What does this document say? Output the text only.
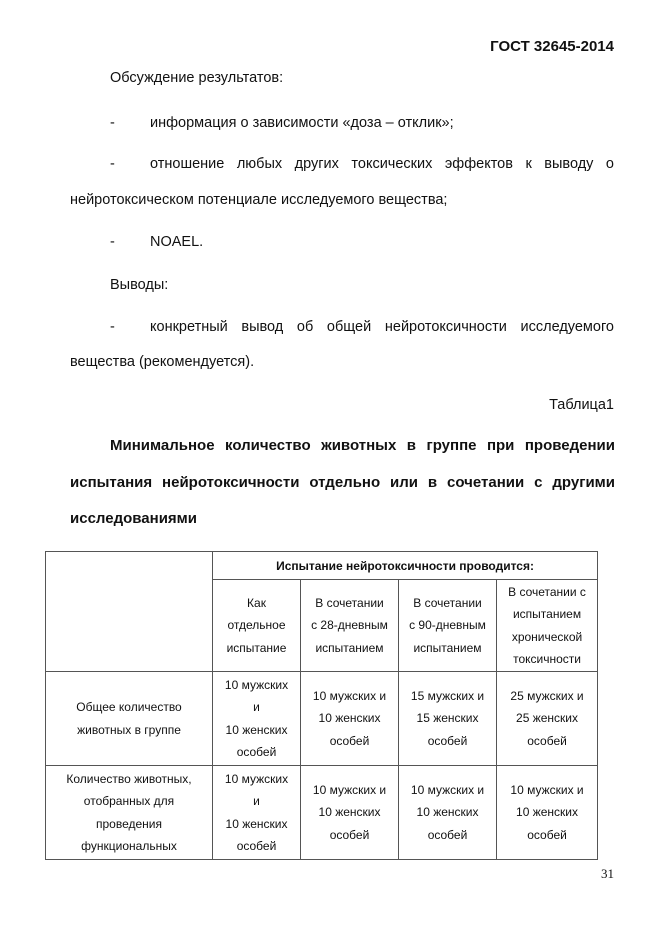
ГОСТ 32645-2014
Обсуждение результатов:
- информация о зависимости «доза – отклик»;
- отношение любых других токсических эффектов к выводу о
нейротоксическом потенциале исследуемого вещества;
- NOAEL.
Выводы:
- конкретный вывод об общей нейротоксичности исследуемого
вещества (рекомендуется).
Таблица1
Минимальное количество животных в группе при проведении
испытания нейротоксичности отдельно или в сочетании с другими
исследованиями
	Испытание нейротоксичности проводится:			
	Как
отдельное
испытание	В сочетании
с 28-дневным
испытанием	В сочетании
с 90-дневным
испытанием	В сочетании с
испытанием
хронической
токсичности
Общее количество
животных в группе	10 мужских
и
10 женских
особей	10 мужских и
10 женских
особей	15 мужских и
15 женских
особей	25 мужских и
25 женских
особей
Количество животных,
отобранных для
проведения
функциональных	10 мужских
и
10 женских
особей	10 мужских и
10 женских
особей	10 мужских и
10 женских
особей	10 мужских и
10 женских
особей
31
